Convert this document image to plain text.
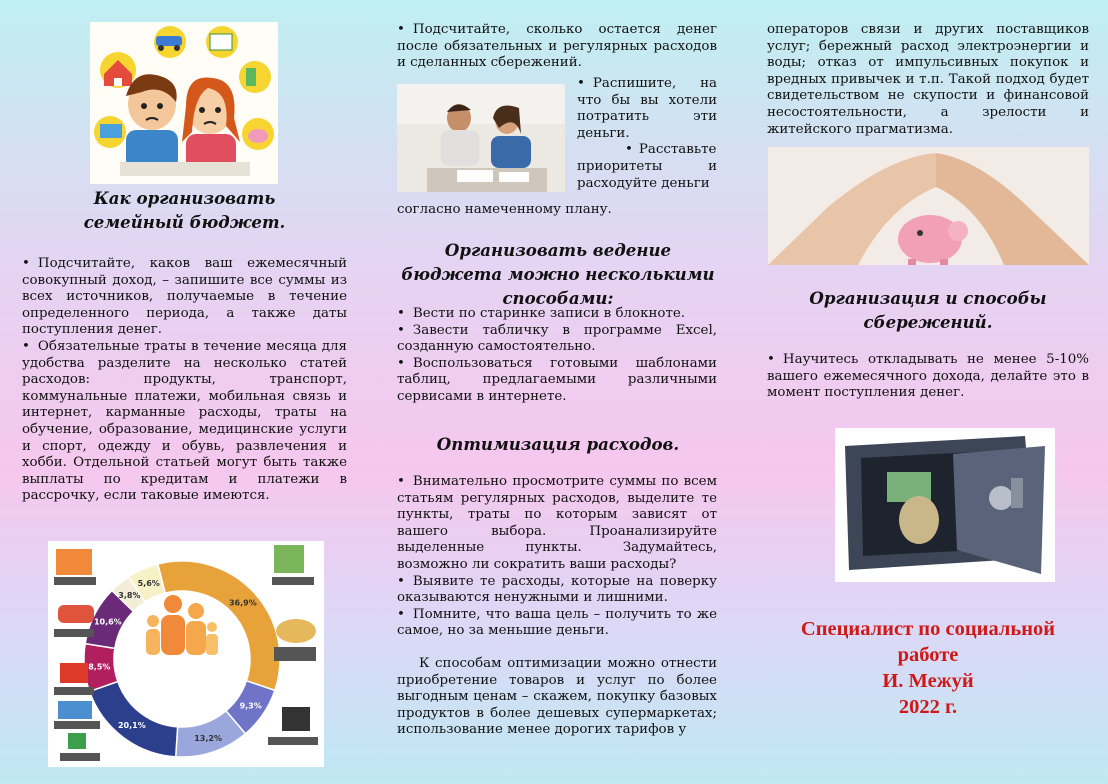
Как организовать семейный бюджет.
• Подсчитайте, каков ваш ежемесячный совокупный доход, – запишите все суммы из всех источников, получаемые в течение определенного периода, а также даты поступления денег.
• Обязательные траты в течение месяца для удобства разделите на несколько статей расходов: продукты, транспорт, коммунальные платежи, мобильная связь и интернет, карманные расходы, траты на обучение, образование, медицинские услуги и спорт, одежду и обувь, развлечения и хобби. Отдельной статьей могут быть также выплаты по кредитам и платежи в рассрочку, если таковые имеются.
36,9%
9,3%
13,2%
20,1%
8,5%
10,6%
3,8%
5,6%
• Подсчитайте, сколько остается денег после обязательных и регулярных расходов и сделанных сбережений.
• Распишите, на что бы вы хотели потратить эти деньги.
• Расставьте приоритеты и расходуйте деньги
согласно намеченному плану.
Организовать ведение бюджета можно несколькими способами:
• Вести по старинке записи в блокноте.
• Завести табличку в программе Excel, созданную самостоятельно.
• Воспользоваться готовыми шаблонами таблиц, предлагаемыми различными сервисами в интернете.
Оптимизация расходов.
• Внимательно просмотрите суммы по всем статьям регулярных расходов, выделите те пункты, траты по которым зависят от вашего выбора. Проанализируйте выделенные пункты. Задумайтесь, возможно ли сократить ваши расходы?
• Выявите те расходы, которые на поверку оказываются ненужными и лишними.
• Помните, что ваша цель – получить то же самое, но за меньшие деньги.
К способам оптимизации можно отнести приобретение товаров и услуг по более выгодным ценам – скажем, покупку базовых продуктов в более дешевых супермаркетах; использование менее дорогих тарифов у
операторов связи и других поставщиков услуг; бережный расход электроэнергии и воды; отказ от импульсивных покупок и вредных привычек и т.п. Такой подход будет свидетельством не скупости и финансовой несостоятельности, а зрелости и житейского прагматизма.
Организация и способы сбережений.
• Научитесь откладывать не менее 5-10% вашего ежемесячного дохода, делайте это в момент поступления денег.
Специалист по социальной
работе
И. Межуй
2022 г.
